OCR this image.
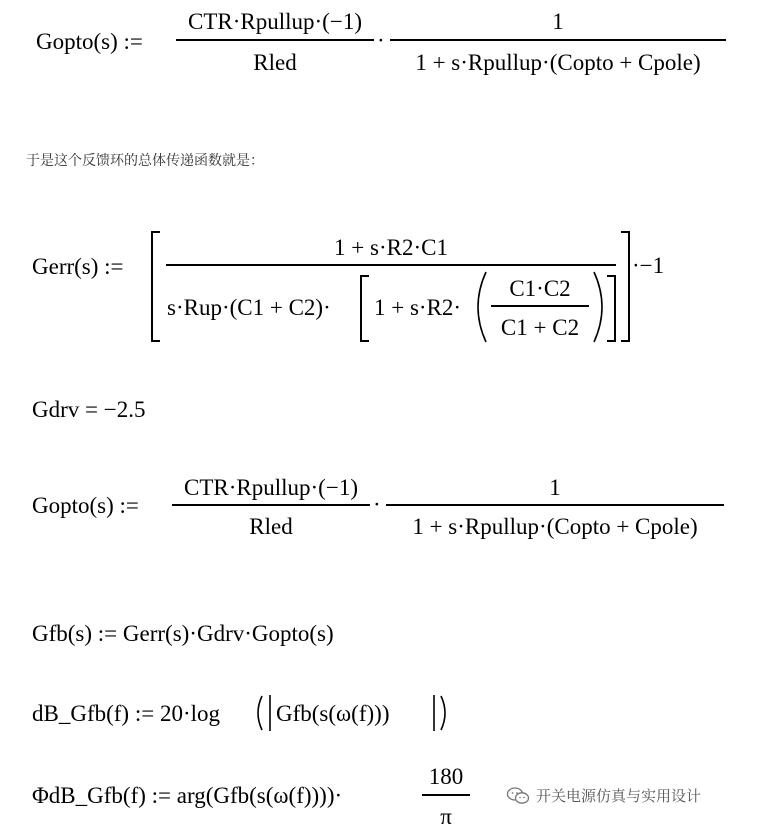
Gopto(s) :=
CTR·Rpullup·(−1)
Rled
·
1
1 + s·Rpullup·(Copto + Cpole)
于是这个反馈环的总体传递函数就是：
Gerr(s) :=
1 + s·R2·C1
s·Rup·(C1 + C2)· 1 + s·R2·
C1·C2
C1 + C2
·−1
Gdrv = −2.5
Gopto(s) :=
CTR·Rpullup·(−1)
Rled
·
1
1 + s·Rpullup·(Copto + Cpole)
Gfb(s) := Gerr(s)·Gdrv·Gopto(s)
dB_Gfb(f) := 20·log Gfb(s(ω(f)))
ΦdB_Gfb(f) := arg(Gfb(s(ω(f))))·
180
π
开关电源仿真与实用设计
